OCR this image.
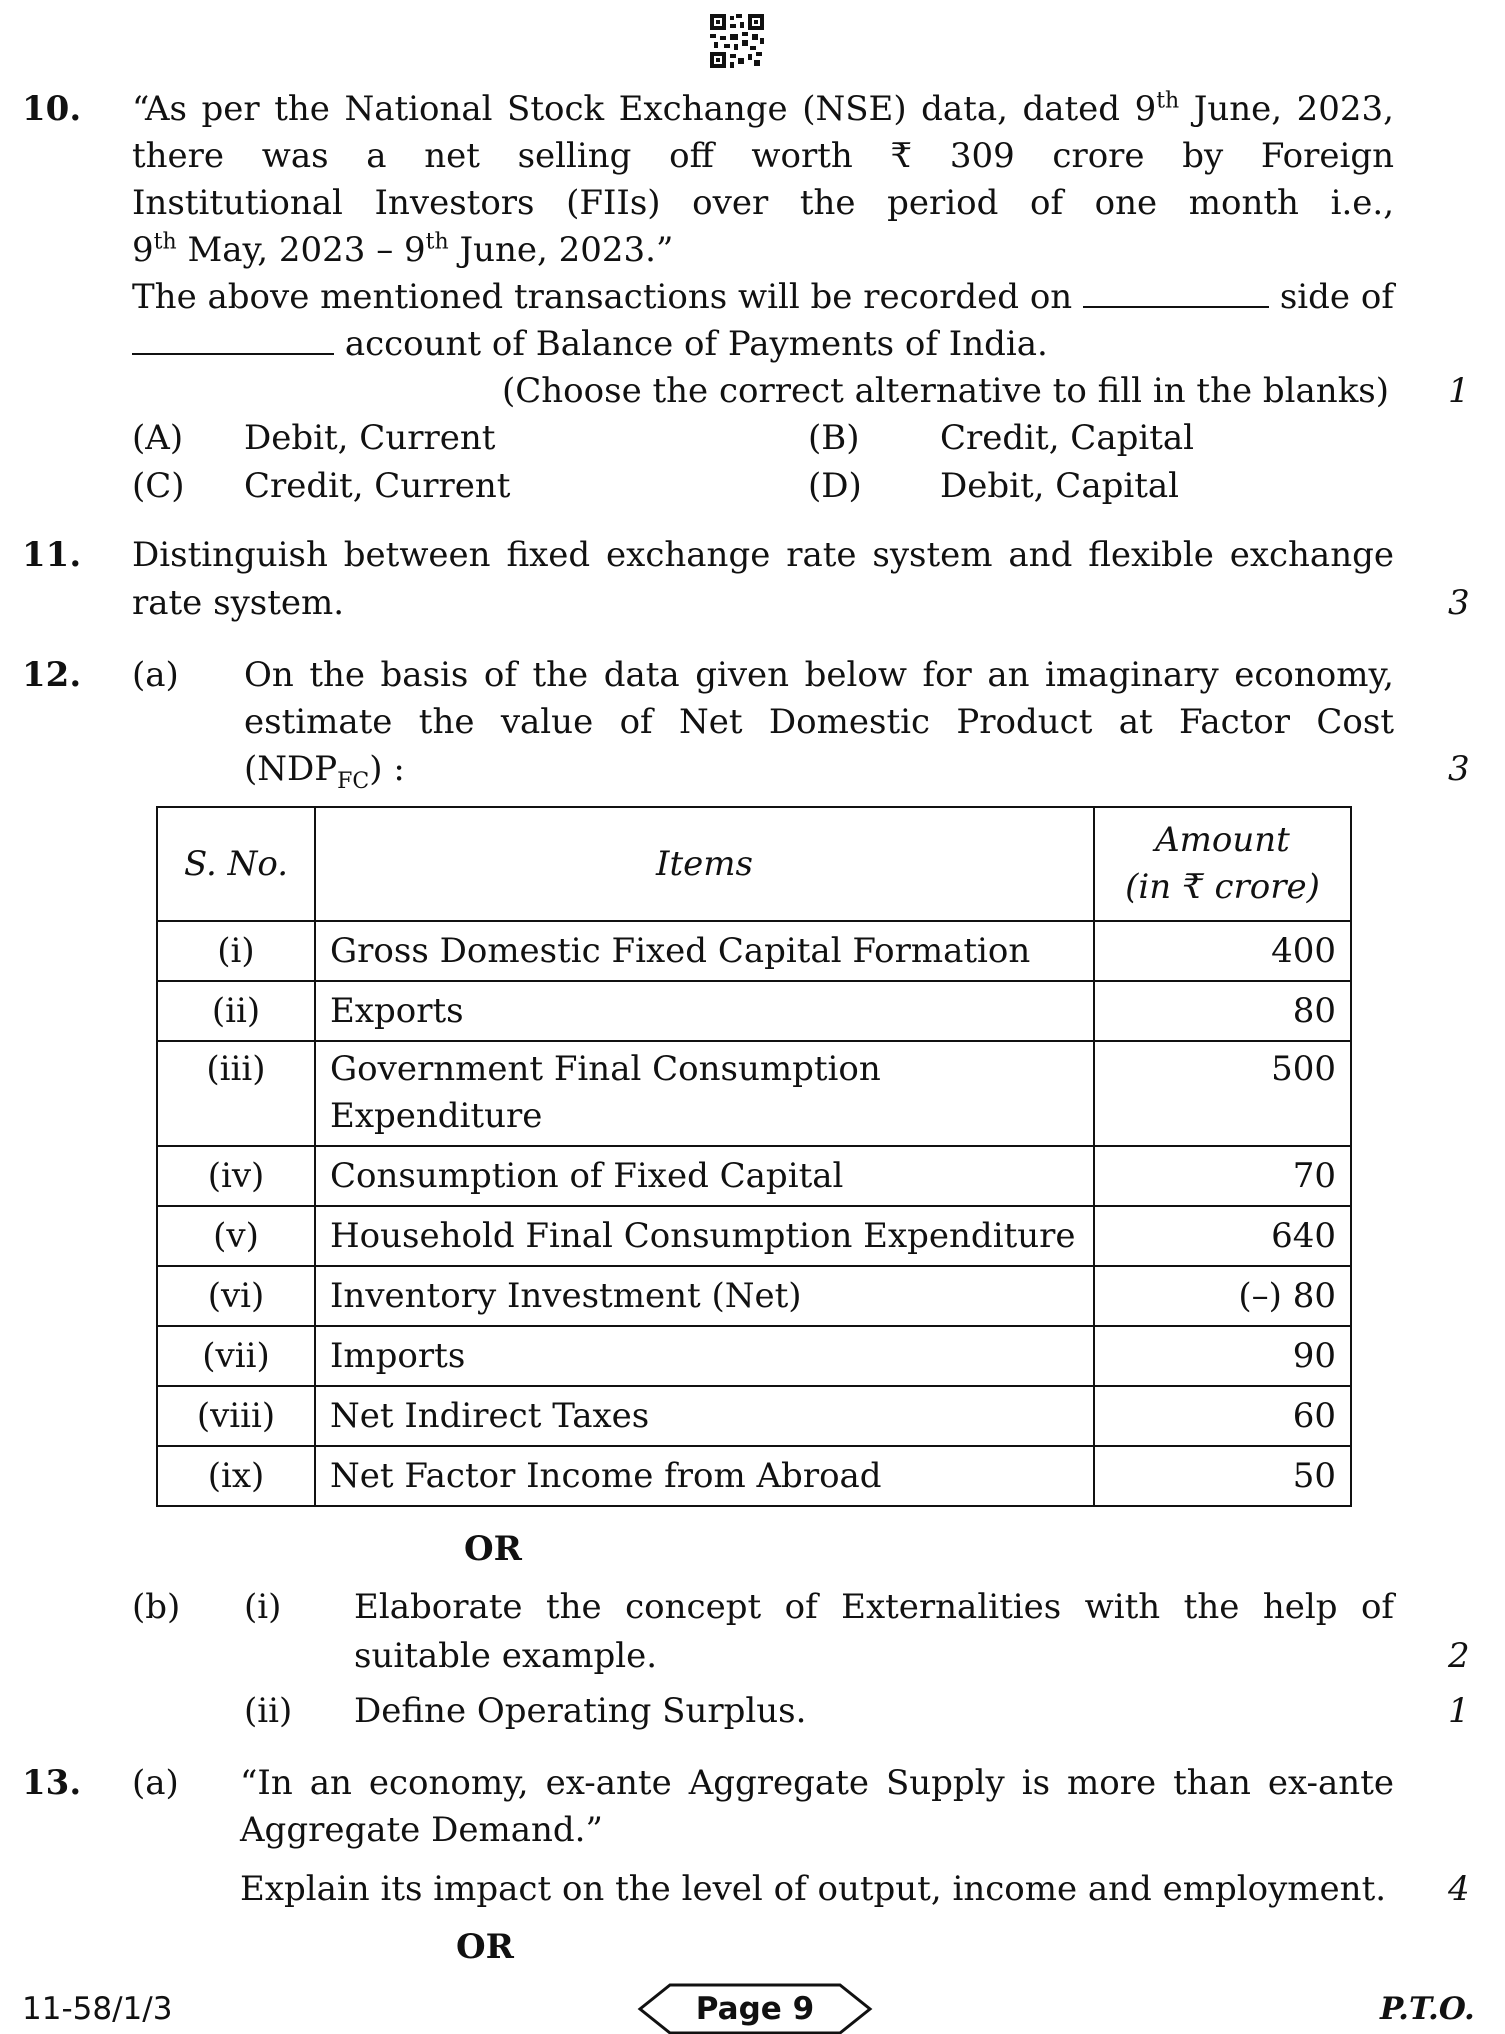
10. “As per the National Stock Exchange (NSE) data, dated 9th June, 2023,
there was a net selling off worth ₹ 309 crore by Foreign
Institutional Investors (FIIs) over the period of one month i.e.,
9th May, 2023 – 9th June, 2023.”
The above mentioned transactions will be recorded on	side of
account of Balance of Payments of India.
(Choose the correct alternative to fill in the blanks) 1
(A) Debit, Current	(B) Credit, Capital
(C) Credit, Current	(D) Debit, Capital
11. Distinguish between fixed exchange rate system and flexible exchange
rate system.	3
12. (a) On the basis of the data given below for an imaginary economy,
estimate the value of Net Domestic Product at Factor Cost
$(NDP_{FC})$ :	3
S. No.	Items	Amount
(in ₹ crore)

(i)	Gross Domestic Fixed Capital Formation	400
(ii)	Exports	80
(iii)	Government Final Consumption
Expenditure	500
(iv)	Consumption of Fixed Capital	70
(v)	Household Final Consumption Expenditure	640
(vi)	Inventory Investment (Net)	(–) 80
(vii)	Imports	90
(viii)	Net Indirect Taxes	60
(ix)	Net Factor Income from Abroad	50
OR
(b) (i) Elaborate the concept of Externalities with the help of
suitable example.	2
(ii) Define Operating Surplus.	1
13. (a) “In an economy, ex-ante Aggregate Supply is more than ex-ante
Aggregate Demand.”
Explain its impact on the level of output, income and employment. 4
OR
11-58/1/3	Page 9	P.T.O.
